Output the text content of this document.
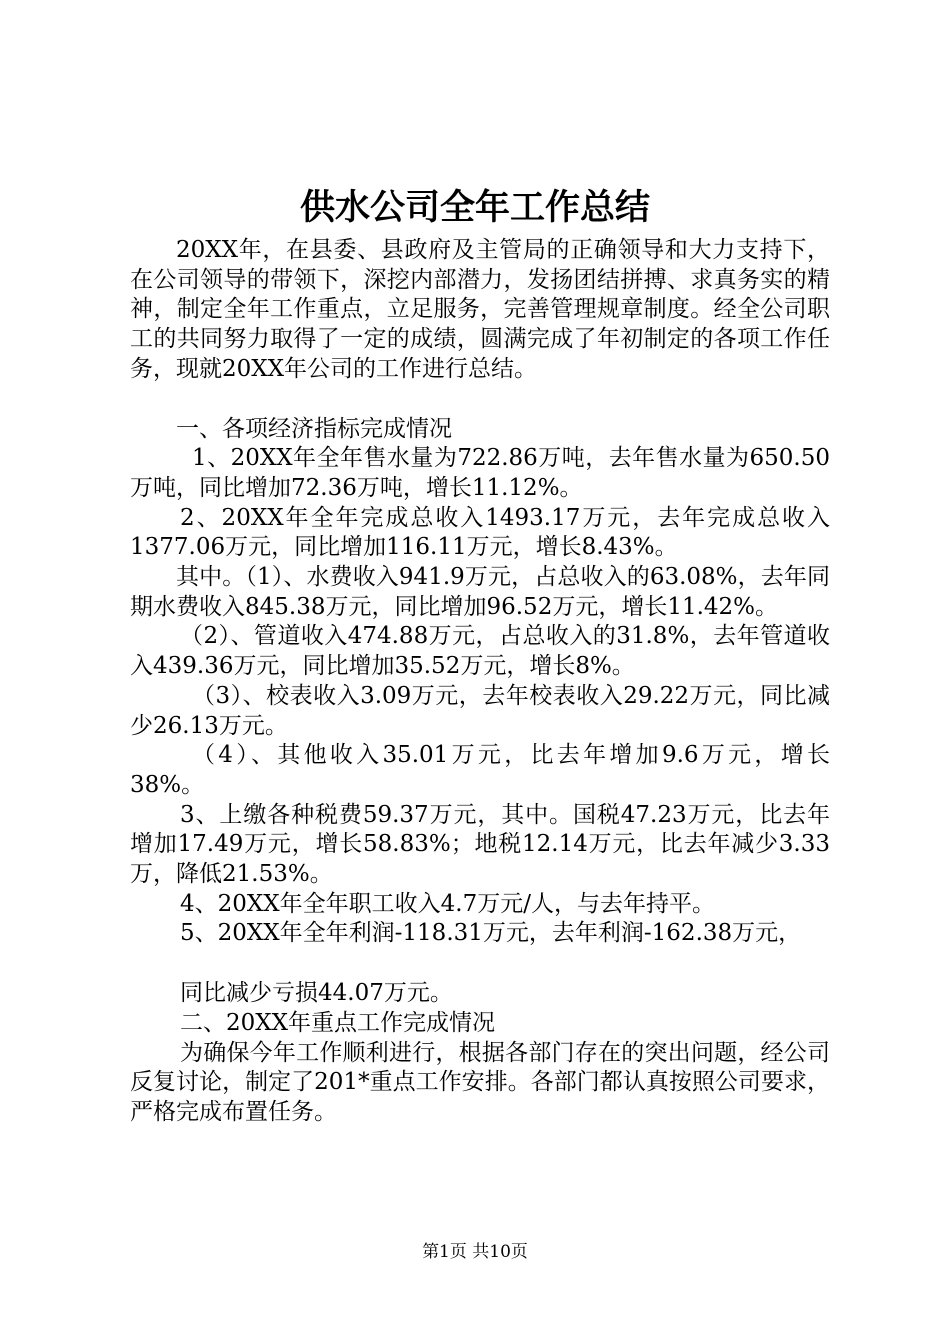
供水公司全年工作总结

20XX年，在县委、县政府及主管局的正确领导和大力支持下，在公司领导的带领下，深挖内部潜力，发扬团结拼搏、求真务实的精神，制定全年工作重点，立足服务，完善管理规章制度。经全公司职工的共同努力取得了一定的成绩，圆满完成了年初制定的各项工作任务，现就20XX年公司的工作进行总结。

一、各项经济指标完成情况

1、20XX年全年售水量为722.86万吨，去年售水量为650.50万吨，同比增加72.36万吨，增长11.12%。

2、20XX年全年完成总收入1493.17万元，去年完成总收入1377.06万元，同比增加116.11万元，增长8.43%。

其中。（1）、水费收入941.9万元，占总收入的63.08%，去年同期水费收入845.38万元，同比增加96.52万元，增长11.42%。

（2）、管道收入474.88万元，占总收入的31.8%，去年管道收入439.36万元，同比增加35.52万元，增长8%。

（3）、校表收入3.09万元，去年校表收入29.22万元，同比减少26.13万元。

（4）、其他收入35.01万元，比去年增加9.6万元，增长38%。

3、上缴各种税费59.37万元，其中。国税47.23万元，比去年增加17.49万元，增长58.83%；地税12.14万元，比去年减少3.33万，降低21.53%。

4、20XX年全年职工收入4.7万元/人，与去年持平。

5、20XX年全年利润-118.31万元，去年利润-162.38万元，

同比减少亏损44.07万元。

二、20XX年重点工作完成情况

为确保今年工作顺利进行，根据各部门存在的突出问题，经公司反复讨论，制定了201*重点工作安排。各部门都认真按照公司要求，严格完成布置任务。

第1页 共10页
